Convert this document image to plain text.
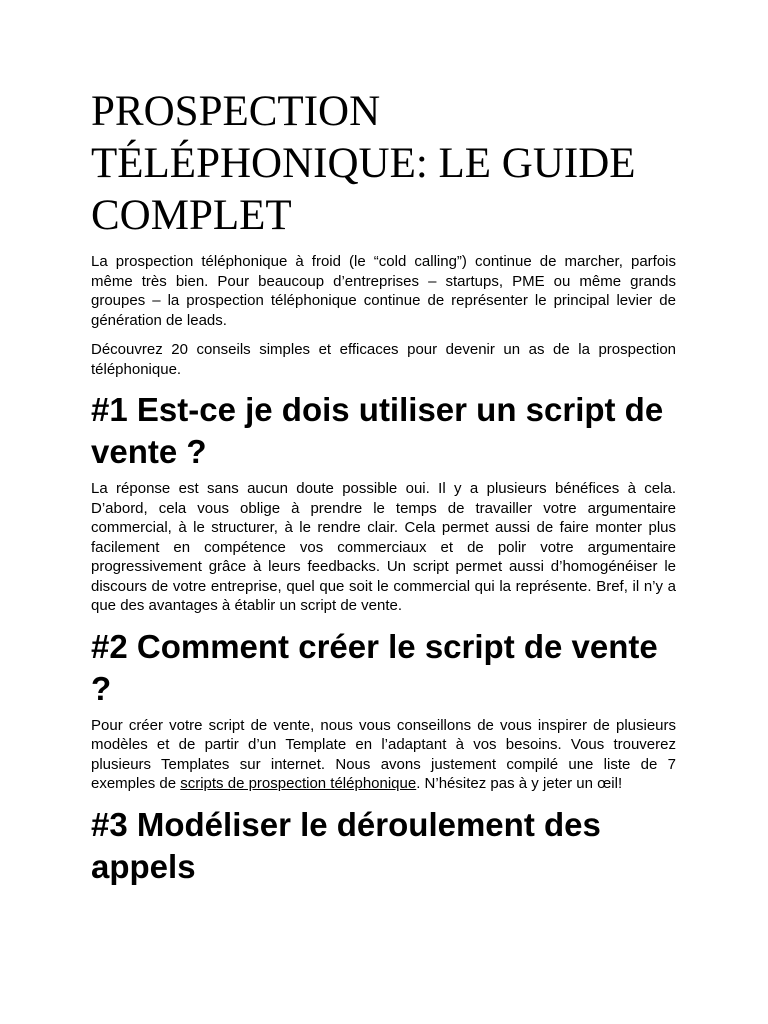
PROSPECTION TÉLÉPHONIQUE: LE GUIDE COMPLET

La prospection téléphonique à froid (le “cold calling”) continue de marcher, parfois même très bien. Pour beaucoup d’entreprises – startups, PME ou même grands groupes – la prospection téléphonique continue de représenter le principal levier de génération de leads.

Découvrez 20 conseils simples et efficaces pour devenir un as de la prospection téléphonique.

#1 Est-ce je dois utiliser un script de vente ?

La réponse est sans aucun doute possible oui. Il y a plusieurs bénéfices à cela. D’abord, cela vous oblige à prendre le temps de travailler votre argumentaire commercial, à le structurer, à le rendre clair. Cela permet aussi de faire monter plus facilement en compétence vos commerciaux et de polir votre argumentaire progressivement grâce à leurs feedbacks. Un script permet aussi d’homogénéiser le discours de votre entreprise, quel que soit le commercial qui la représente. Bref, il n’y a que des avantages à établir un script de vente.

#2 Comment créer le script de vente ?

Pour créer votre script de vente, nous vous conseillons de vous inspirer de plusieurs modèles et de partir d’un Template en l’adaptant à vos besoins. Vous trouverez plusieurs Templates sur internet. Nous avons justement compilé une liste de 7 exemples de scripts de prospection téléphonique. N’hésitez pas à y jeter un œil!

#3 Modéliser le déroulement des appels
